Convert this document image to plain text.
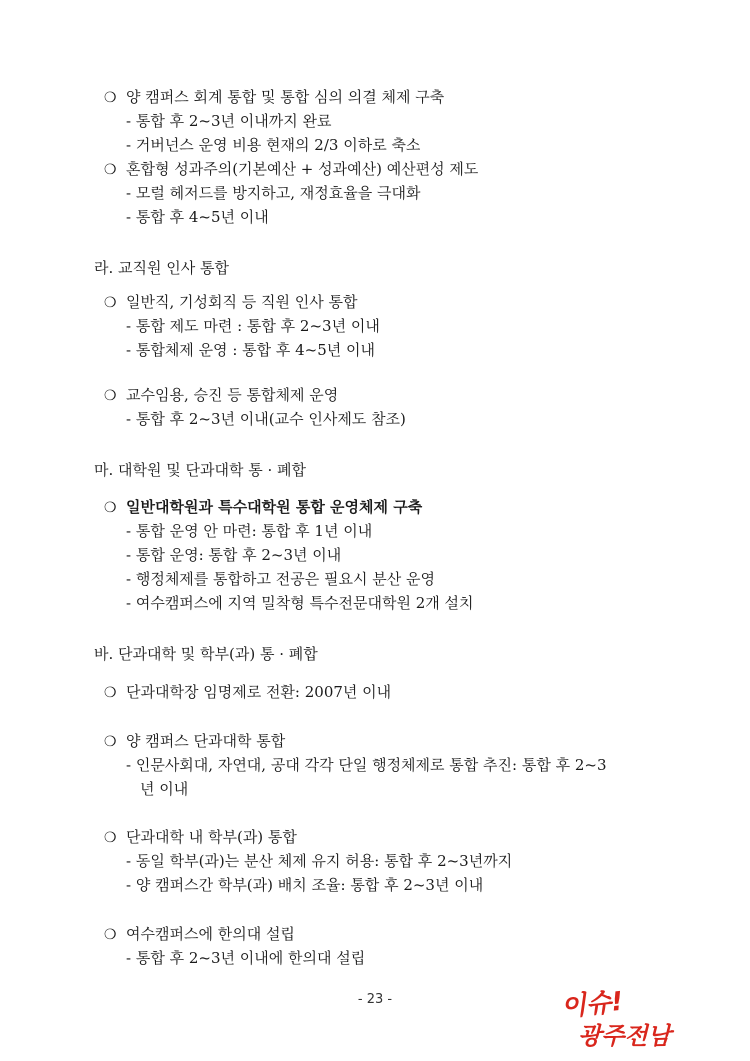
❍ 양 캠퍼스 회계 통합 및 통합 심의 의결 체제 구축
- 통합 후 2~3년 이내까지 완료
- 거버넌스 운영 비용 현재의 2/3 이하로 축소
❍ 혼합형 성과주의(기본예산 + 성과예산) 예산편성 제도
- 모럴 헤저드를 방지하고, 재정효율을 극대화
- 통합 후 4~5년 이내
라. 교직원 인사 통합
❍ 일반직, 기성회직 등 직원 인사 통합
- 통합 제도 마련 : 통합 후 2~3년 이내
- 통합체제 운영 : 통합 후 4~5년 이내
❍ 교수임용, 승진 등 통합체제 운영
- 통합 후 2~3년 이내(교수 인사제도 참조)
마. 대학원 및 단과대학 통 · 폐합
❍ 일반대학원과 특수대학원 통합 운영체제 구축
- 통합 운영 안 마련: 통합 후 1년 이내
- 통합 운영: 통합 후 2~3년 이내
- 행정체제를 통합하고 전공은 필요시 분산 운영
- 여수캠퍼스에 지역 밀착형 특수전문대학원 2개 설치
바. 단과대학 및 학부(과) 통 · 폐합
❍ 단과대학장 임명제로 전환: 2007년 이내
❍ 양 캠퍼스 단과대학 통합
- 인문사회대, 자연대, 공대 각각 단일 행정체제로 통합 추진: 통합 후 2~3
년 이내
❍ 단과대학 내 학부(과) 통합
- 동일 학부(과)는 분산 체제 유지 허용: 통합 후 2~3년까지
- 양 캠퍼스간 학부(과) 배치 조율: 통합 후 2~3년 이내
❍ 여수캠퍼스에 한의대 설립
- 통합 후 2~3년 이내에 한의대 설립
- 23 -	이슈!
광주전남
